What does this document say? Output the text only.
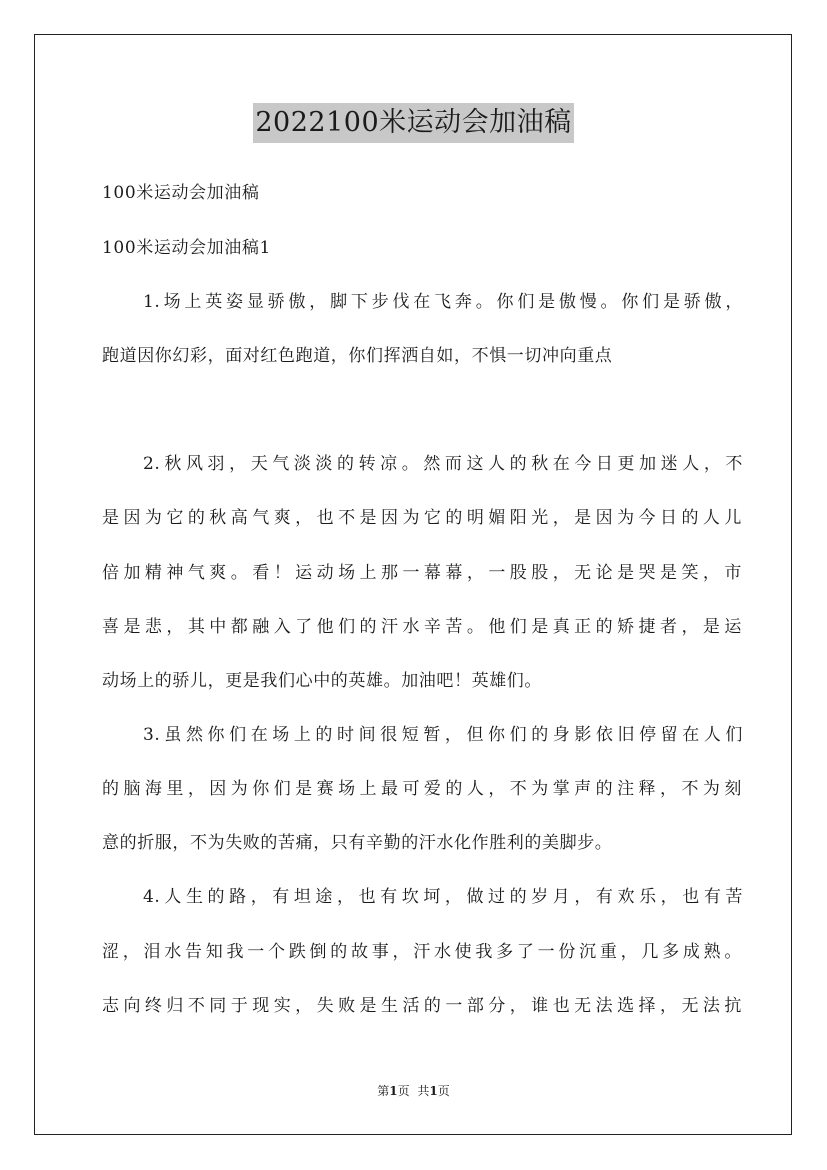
2022100米运动会加油稿
100米运动会加油稿
100米运动会加油稿1
1.场上英姿显骄傲，脚下步伐在飞奔。你们是傲慢。你们是骄傲，
跑道因你幻彩，面对红色跑道，你们挥洒自如，不惧一切冲向重点
2.秋风羽，天气淡淡的转凉。然而这人的秋在今日更加迷人，不
是因为它的秋高气爽，也不是因为它的明媚阳光，是因为今日的人儿
倍加精神气爽。看！运动场上那一幕幕，一股股，无论是哭是笑，市
喜是悲，其中都融入了他们的汗水辛苦。他们是真正的矫捷者，是运
动场上的骄儿，更是我们心中的英雄。加油吧！英雄们。
3.虽然你们在场上的时间很短暂，但你们的身影依旧停留在人们
的脑海里，因为你们是赛场上最可爱的人，不为掌声的注释，不为刻
意的折服，不为失败的苦痛，只有辛勤的汗水化作胜利的美脚步。
4.人生的路，有坦途，也有坎坷，做过的岁月，有欢乐，也有苦
涩，泪水告知我一个跌倒的故事，汗水使我多了一份沉重，几多成熟。
志向终归不同于现实，失败是生活的一部分，谁也无法选择，无法抗
第1页 共1页
